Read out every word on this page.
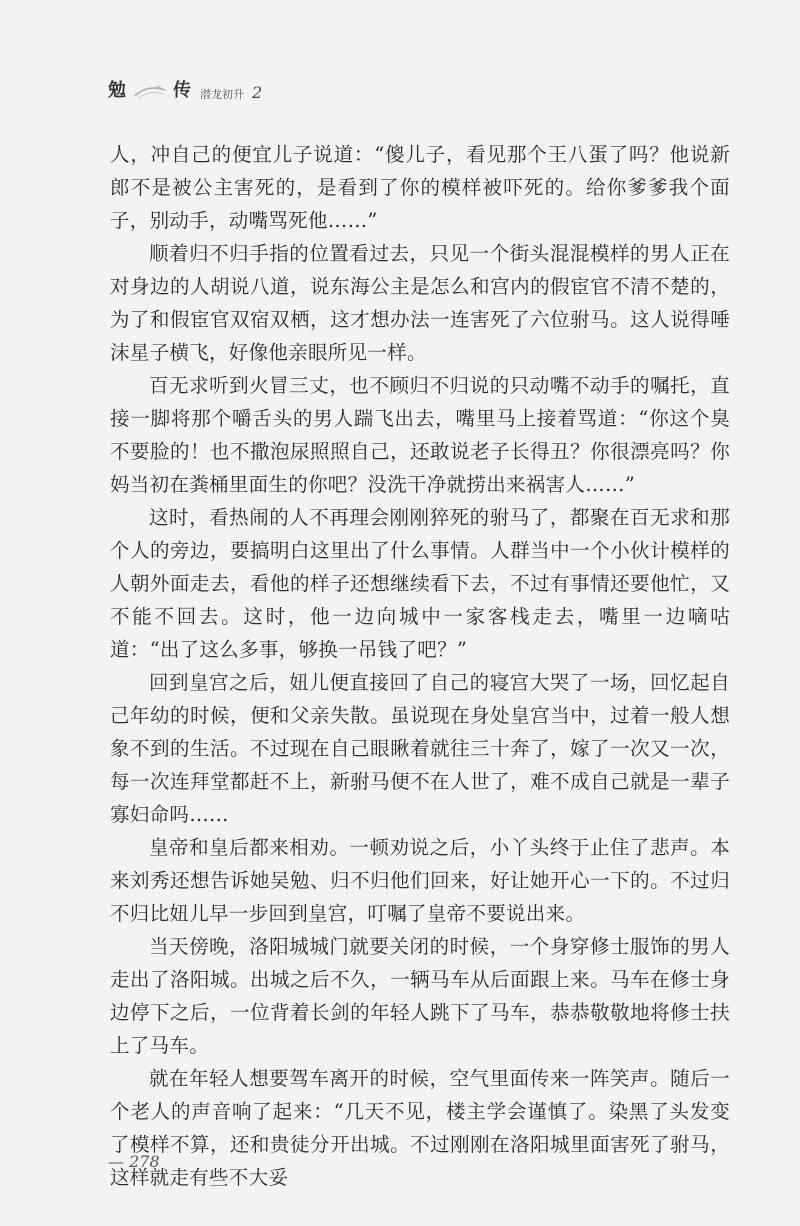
勉	传 潜龙初升 2

人，冲自己的便宜儿子说道：“傻儿子，看见那个王八蛋了吗？他说新郎不是被公主害死的，是看到了你的模样被吓死的。给你爹爹我个面子，别动手，动嘴骂死他……”

顺着归不归手指的位置看过去，只见一个街头混混模样的男人正在对身边的人胡说八道，说东海公主是怎么和宫内的假宦官不清不楚的，为了和假宦官双宿双栖，这才想办法一连害死了六位驸马。这人说得唾沫星子横飞，好像他亲眼所见一样。

百无求听到火冒三丈，也不顾归不归说的只动嘴不动手的嘱托，直接一脚将那个嚼舌头的男人踹飞出去，嘴里马上接着骂道：“你这个臭不要脸的！也不撒泡尿照照自己，还敢说老子长得丑？你很漂亮吗？你妈当初在粪桶里面生的你吧？没洗干净就捞出来祸害人……”

这时，看热闹的人不再理会刚刚猝死的驸马了，都聚在百无求和那个人的旁边，要搞明白这里出了什么事情。人群当中一个小伙计模样的人朝外面走去，看他的样子还想继续看下去，不过有事情还要他忙，又不能不回去。这时，他一边向城中一家客栈走去，嘴里一边嘀咕道：“出了这么多事，够换一吊钱了吧？”

回到皇宫之后，妞儿便直接回了自己的寝宫大哭了一场，回忆起自己年幼的时候，便和父亲失散。虽说现在身处皇宫当中，过着一般人想象不到的生活。不过现在自己眼瞅着就往三十奔了，嫁了一次又一次，每一次连拜堂都赶不上，新驸马便不在人世了，难不成自己就是一辈子寡妇命吗……

皇帝和皇后都来相劝。一顿劝说之后，小丫头终于止住了悲声。本来刘秀还想告诉她吴勉、归不归他们回来，好让她开心一下的。不过归不归比妞儿早一步回到皇宫，叮嘱了皇帝不要说出来。

当天傍晚，洛阳城城门就要关闭的时候，一个身穿修士服饰的男人走出了洛阳城。出城之后不久，一辆马车从后面跟上来。马车在修士身边停下之后，一位背着长剑的年轻人跳下了马车，恭恭敬敬地将修士扶上了马车。

就在年轻人想要驾车离开的时候，空气里面传来一阵笑声。随后一个老人的声音响了起来：“几天不见，楼主学会谨慎了。染黑了头发变了模样不算，还和贵徒分开出城。不过刚刚在洛阳城里面害死了驸马，这样就走有些不大妥

— 278
